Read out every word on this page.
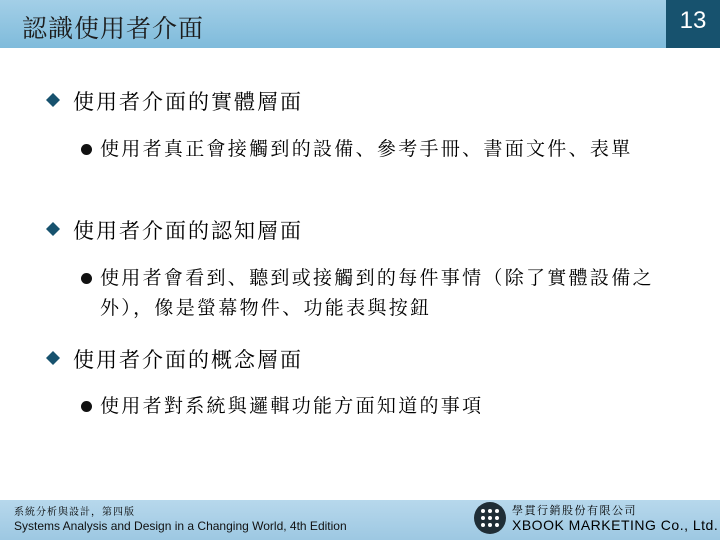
認識使用者介面	13
使用者介面的實體層面
使用者真正會接觸到的設備、參考手冊、書面文件、表單
使用者介面的認知層面
使用者會看到、聽到或接觸到的每件事情（除了實體設備之外），像是螢幕物件、功能表與按鈕
使用者介面的概念層面
使用者對系統與邏輯功能方面知道的事項
系統分析與設計，第四版
Systems Analysis and Design in a Changing World, 4th Edition
學貫行銷股份有限公司
XBOOK MARKETING Co., Ltd.
